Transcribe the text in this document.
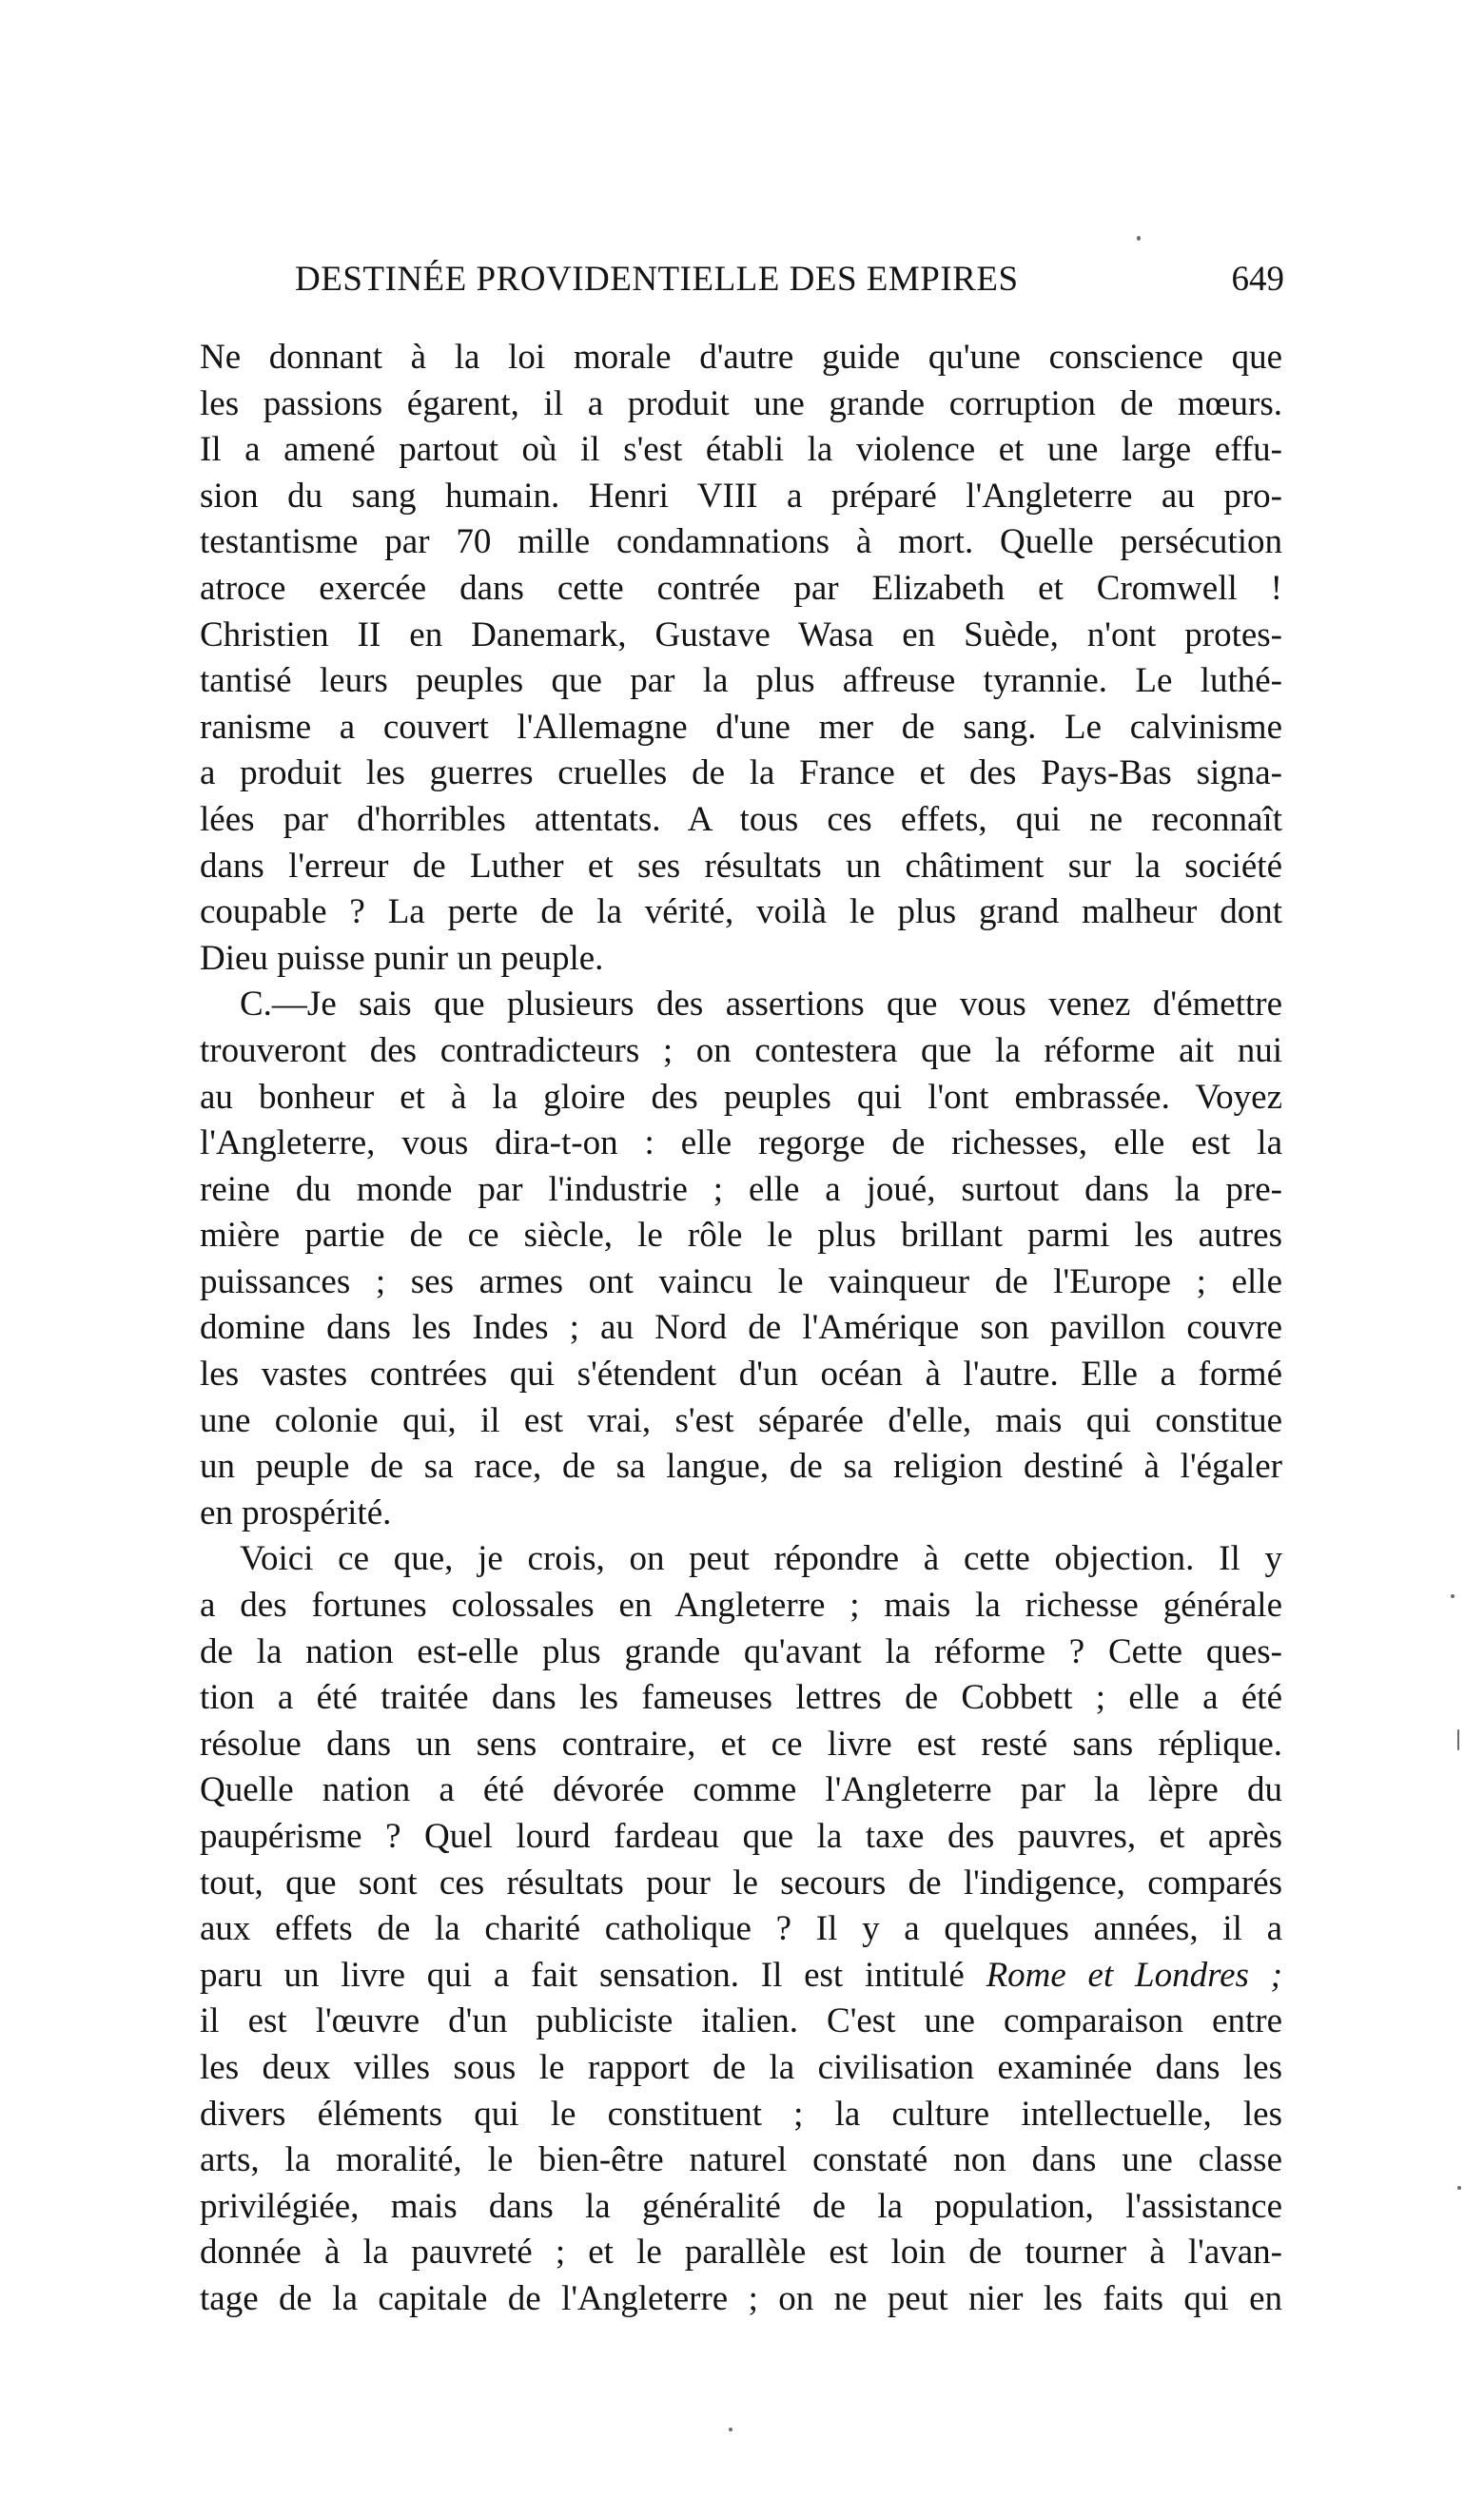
DESTINÉE PROVIDENTIELLE DES EMPIRES	649
Ne donnant à la loi morale d'autre guide qu'une conscience que
les passions égarent, il a produit une grande corruption de mœurs.
Il a amené partout où il s'est établi la violence et une large effu-
sion du sang humain. Henri VIII a préparé l'Angleterre au pro-
testantisme par 70 mille condamnations à mort. Quelle persécution
atroce exercée dans cette contrée par Elizabeth et Cromwell !
Christien II en Danemark, Gustave Wasa en Suède, n'ont protes-
tantisé leurs peuples que par la plus affreuse tyrannie. Le luthé-
ranisme a couvert l'Allemagne d'une mer de sang. Le calvinisme
a produit les guerres cruelles de la France et des Pays-Bas signa-
lées par d'horribles attentats. A tous ces effets, qui ne reconnaît
dans l'erreur de Luther et ses résultats un châtiment sur la société
coupable ? La perte de la vérité, voilà le plus grand malheur dont
Dieu puisse punir un peuple.
C.—Je sais que plusieurs des assertions que vous venez d'émettre
trouveront des contradicteurs ; on contestera que la réforme ait nui
au bonheur et à la gloire des peuples qui l'ont embrassée. Voyez
l'Angleterre, vous dira-t-on : elle regorge de richesses, elle est la
reine du monde par l'industrie ; elle a joué, surtout dans la pre-
mière partie de ce siècle, le rôle le plus brillant parmi les autres
puissances ; ses armes ont vaincu le vainqueur de l'Europe ; elle
domine dans les Indes ; au Nord de l'Amérique son pavillon couvre
les vastes contrées qui s'étendent d'un océan à l'autre. Elle a formé
une colonie qui, il est vrai, s'est séparée d'elle, mais qui constitue
un peuple de sa race, de sa langue, de sa religion destiné à l'égaler
en prospérité.
Voici ce que, je crois, on peut répondre à cette objection. Il y
a des fortunes colossales en Angleterre ; mais la richesse générale
de la nation est-elle plus grande qu'avant la réforme ? Cette ques-
tion a été traitée dans les fameuses lettres de Cobbett ; elle a été
résolue dans un sens contraire, et ce livre est resté sans réplique.
Quelle nation a été dévorée comme l'Angleterre par la lèpre du
paupérisme ? Quel lourd fardeau que la taxe des pauvres, et après
tout, que sont ces résultats pour le secours de l'indigence, comparés
aux effets de la charité catholique ? Il y a quelques années, il a
paru un livre qui a fait sensation. Il est intitulé Rome et Londres ;
il est l'œuvre d'un publiciste italien. C'est une comparaison entre
les deux villes sous le rapport de la civilisation examinée dans les
divers éléments qui le constituent ; la culture intellectuelle, les
arts, la moralité, le bien-être naturel constaté non dans une classe
privilégiée, mais dans la généralité de la population, l'assistance
donnée à la pauvreté ; et le parallèle est loin de tourner à l'avan-
tage de la capitale de l'Angleterre ; on ne peut nier les faits qui en
